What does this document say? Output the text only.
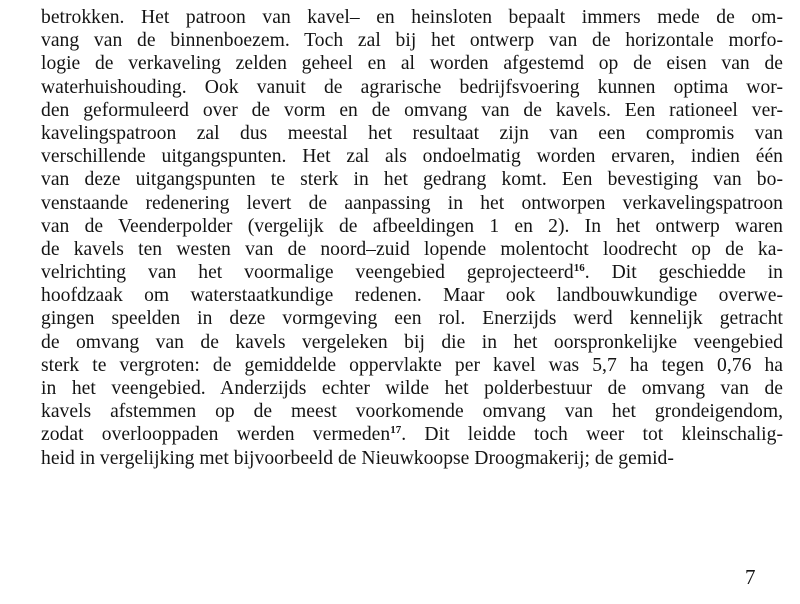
betrokken. Het patroon van kavel– en heinsloten bepaalt immers mede de om-
vang van de binnenboezem. Toch zal bij het ontwerp van de horizontale morfo-
logie de verkaveling zelden geheel en al worden afgestemd op de eisen van de
waterhuishouding. Ook vanuit de agrarische bedrijfsvoering kunnen optima wor-
den geformuleerd over de vorm en de omvang van de kavels. Een rationeel ver-
kavelingspatroon zal dus meestal het resultaat zijn van een compromis van
verschillende uitgangspunten. Het zal als ondoelmatig worden ervaren, indien één
van deze uitgangspunten te sterk in het gedrang komt. Een bevestiging van bo-
venstaande redenering levert de aanpassing in het ontworpen verkavelingspatroon
van de Veenderpolder (vergelijk de afbeeldingen 1 en 2). In het ontwerp waren
de kavels ten westen van de noord–zuid lopende molentocht loodrecht op de ka-
velrichting van het voormalige veengebied geprojecteerd$^{16}$. Dit geschiedde in
hoofdzaak om waterstaatkundige redenen. Maar ook landbouwkundige overwe-
gingen speelden in deze vormgeving een rol. Enerzijds werd kennelijk getracht
de omvang van de kavels vergeleken bij die in het oorspronkelijke veengebied
sterk te vergroten: de gemiddelde oppervlakte per kavel was 5,7 ha tegen 0,76 ha
in het veengebied. Anderzijds echter wilde het polderbestuur de omvang van de
kavels afstemmen op de meest voorkomende omvang van het grondeigendom,
zodat overlooppaden werden vermeden$^{17}$. Dit leidde toch weer tot kleinschalig-
heid in vergelijking met bijvoorbeeld de Nieuwkoopse Droogmakerij; de gemid-
7
